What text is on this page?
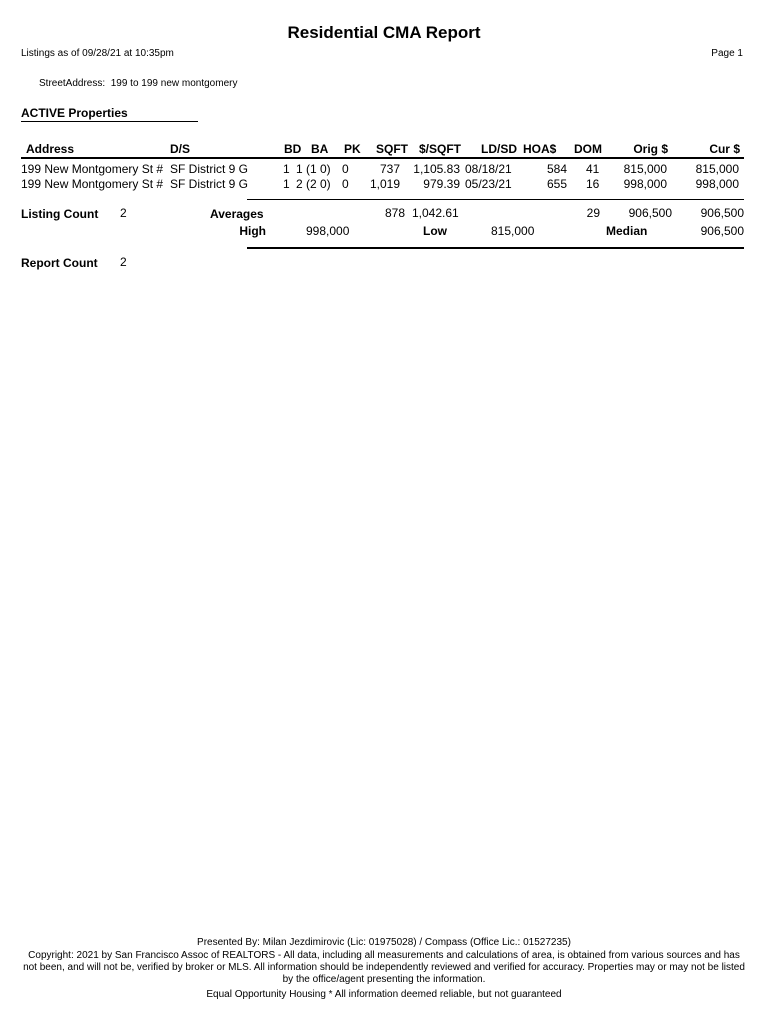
Residential CMA Report
Listings as of 09/28/21 at 10:35pm	Page 1
StreetAddress: 199 to 199 new montgomery
ACTIVE Properties
Address	D/S	BD BA PK SQFT $/SQFT LD/SD HOA$ DOM	Orig $	Cur $
199 New Montgomery St # SF District 9 G	1 1 (1 0) 0	737	1,105.83 08/18/21	584 41	815,000	815,000
199 New Montgomery St # SF District 9 G	1 2 (2 0) 0	1,019	979.39 05/23/21	655 16	998,000	998,000
Listing Count 2	Averages	878 1,042.61	29	906,500	906,500
High	998,000	Low	815,000	Median	906,500
Report Count 2
Presented By: Milan Jezdimirovic (Lic: 01975028) / Compass (Office Lic.: 01527235)
Copyright: 2021 by San Francisco Assoc of REALTORS - All data, including all measurements and calculations of area, is obtained from various sources and has not been, and will not be, verified by broker or MLS. All information should be independently reviewed and verified for accuracy. Properties may or may not be listed by the office/agent presenting the information.
Equal Opportunity Housing * All information deemed reliable, but not guaranteed
